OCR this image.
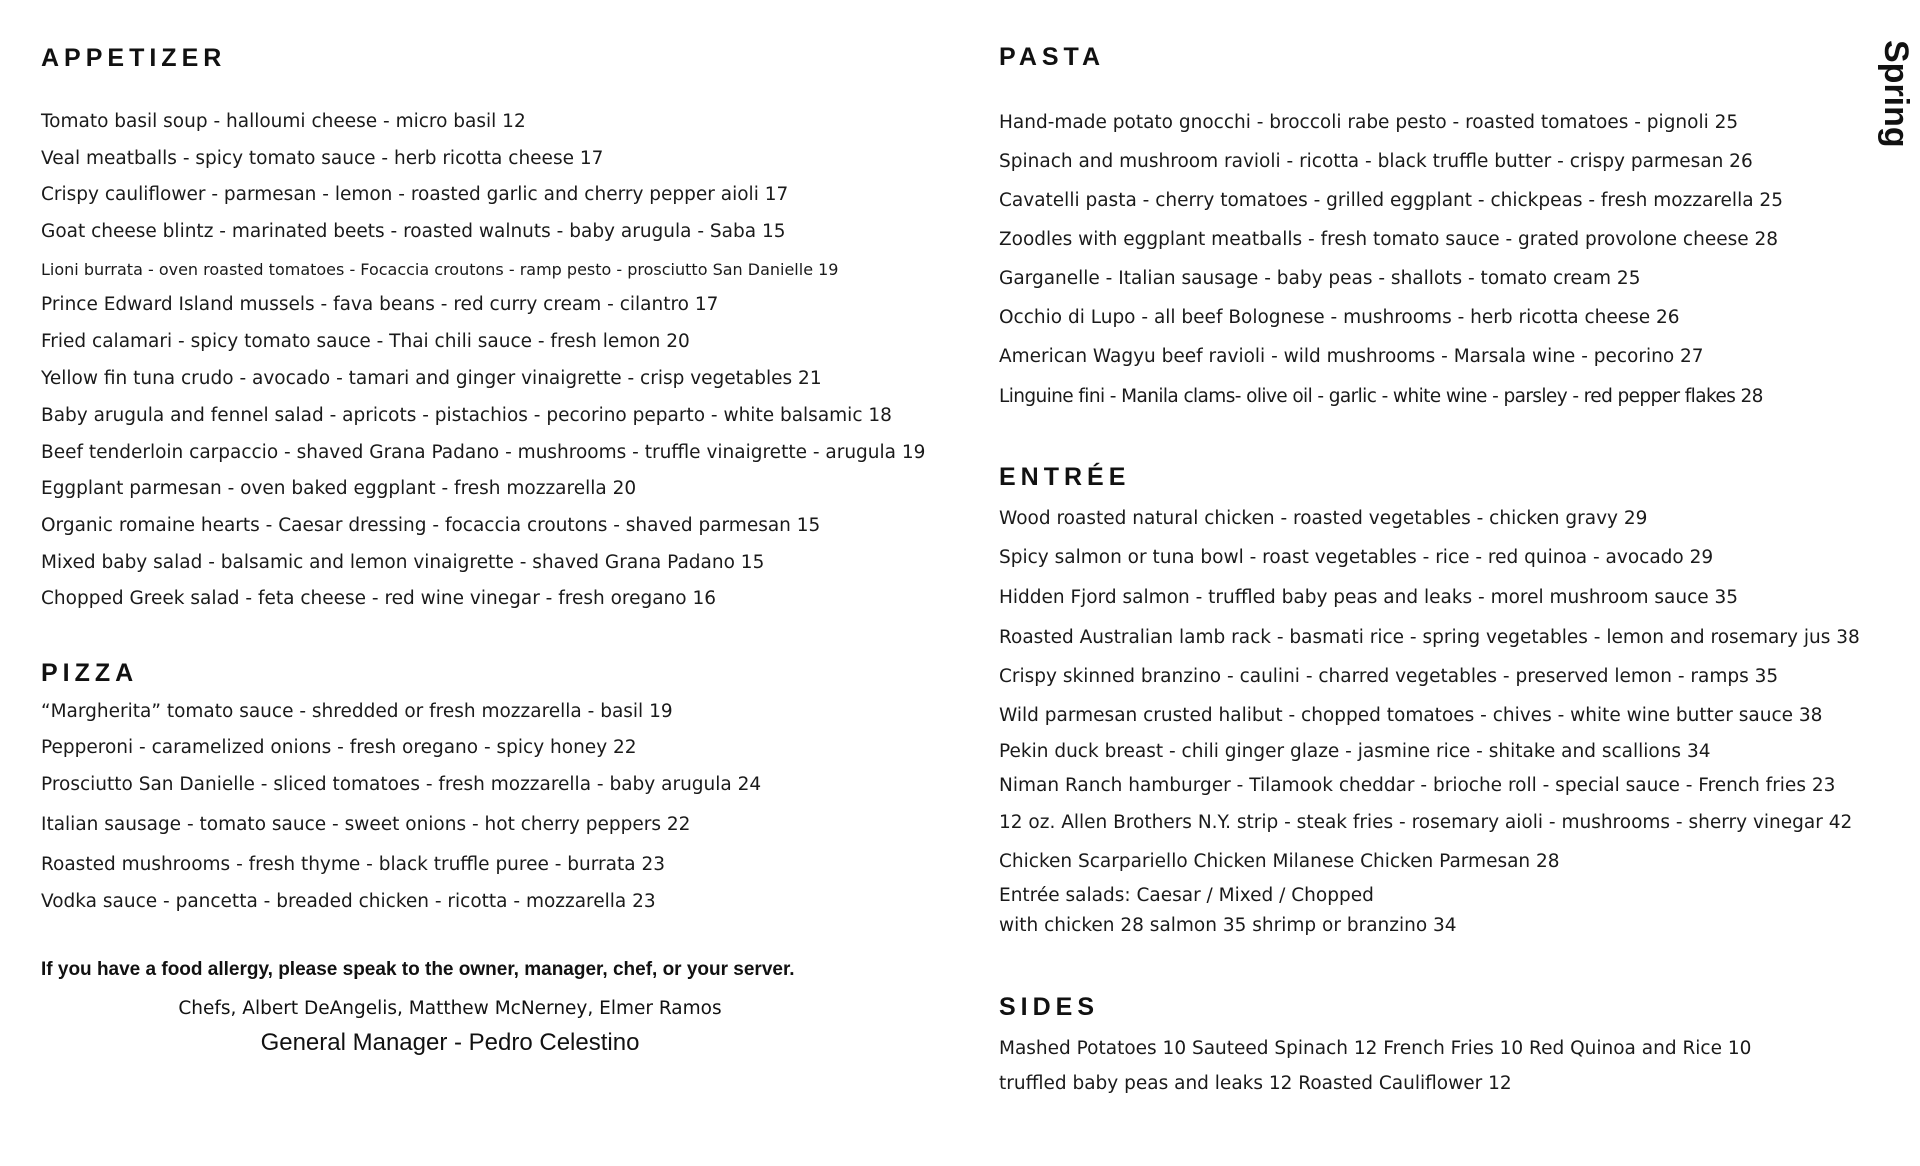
Spring
APPETIZER
Tomato basil soup - halloumi cheese - micro basil 12
Veal meatballs - spicy tomato sauce - herb ricotta cheese 17
Crispy cauliflower - parmesan - lemon - roasted garlic and cherry pepper aioli 17
Goat cheese blintz - marinated beets - roasted walnuts - baby arugula - Saba 15
Lioni burrata - oven roasted tomatoes - Focaccia croutons - ramp pesto - prosciutto San Danielle 19
Prince Edward Island mussels - fava beans - red curry cream - cilantro 17
Fried calamari - spicy tomato sauce - Thai chili sauce - fresh lemon 20
Yellow fin tuna crudo - avocado - tamari and ginger vinaigrette - crisp vegetables 21
Baby arugula and fennel salad - apricots - pistachios - pecorino peparto - white balsamic 18
Beef tenderloin carpaccio - shaved Grana Padano - mushrooms - truffle vinaigrette - arugula 19
Eggplant parmesan - oven baked eggplant - fresh mozzarella 20
Organic romaine hearts - Caesar dressing - focaccia croutons - shaved parmesan 15
Mixed baby salad - balsamic and lemon vinaigrette - shaved Grana Padano 15
Chopped Greek salad - feta cheese - red wine vinegar - fresh oregano 16
PIZZA
“Margherita” tomato sauce - shredded or fresh mozzarella - basil 19
Pepperoni - caramelized onions - fresh oregano - spicy honey 22
Prosciutto San Danielle - sliced tomatoes - fresh mozzarella - baby arugula 24
Italian sausage - tomato sauce - sweet onions - hot cherry peppers 22
Roasted mushrooms - fresh thyme - black truffle puree - burrata 23
Vodka sauce - pancetta - breaded chicken - ricotta - mozzarella 23
If you have a food allergy, please speak to the owner, manager, chef, or your server.
Chefs, Albert DeAngelis, Matthew McNerney, Elmer Ramos
General Manager - Pedro Celestino
PASTA
Hand-made potato gnocchi - broccoli rabe pesto - roasted tomatoes - pignoli 25
Spinach and mushroom ravioli - ricotta - black truffle butter - crispy parmesan 26
Cavatelli pasta - cherry tomatoes - grilled eggplant - chickpeas - fresh mozzarella 25
Zoodles with eggplant meatballs - fresh tomato sauce - grated provolone cheese 28
Garganelle - Italian sausage - baby peas - shallots - tomato cream 25
Occhio di Lupo - all beef Bolognese - mushrooms - herb ricotta cheese 26
American Wagyu beef ravioli - wild mushrooms - Marsala wine - pecorino 27
Linguine fini - Manila clams- olive oil - garlic - white wine - parsley - red pepper flakes 28
ENTRÉE
Wood roasted natural chicken - roasted vegetables - chicken gravy 29
Spicy salmon or tuna bowl - roast vegetables - rice - red quinoa - avocado 29
Hidden Fjord salmon - truffled baby peas and leaks - morel mushroom sauce 35
Roasted Australian lamb rack - basmati rice - spring vegetables - lemon and rosemary jus 38
Crispy skinned branzino - caulini - charred vegetables - preserved lemon - ramps 35
Wild parmesan crusted halibut - chopped tomatoes - chives - white wine butter sauce 38
Pekin duck breast - chili ginger glaze - jasmine rice - shitake and scallions 34
Niman Ranch hamburger - Tilamook cheddar - brioche roll - special sauce - French fries 23
12 oz. Allen Brothers N.Y. strip - steak fries - rosemary aioli - mushrooms - sherry vinegar 42
Chicken Scarpariello Chicken Milanese Chicken Parmesan 28
Entrée salads: Caesar / Mixed / Chopped
with chicken 28 salmon 35 shrimp or branzino 34
SIDES
Mashed Potatoes 10 Sauteed Spinach 12 French Fries 10 Red Quinoa and Rice 10
truffled baby peas and leaks 12 Roasted Cauliflower 12
